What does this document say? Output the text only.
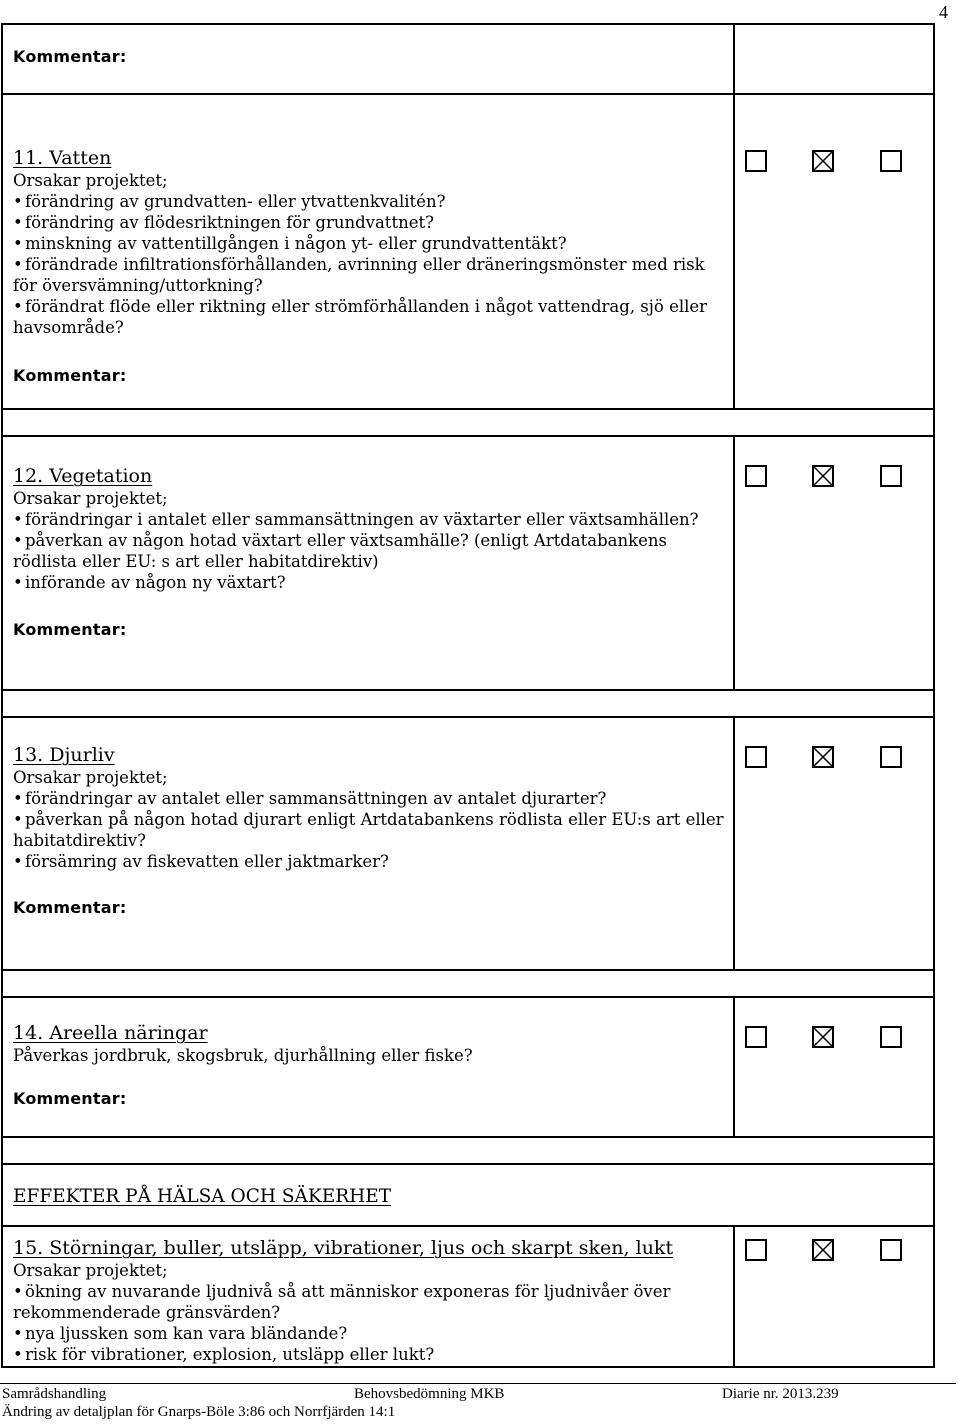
4
Kommentar:
11. Vatten
Orsakar projektet;
• förändring av grundvatten- eller ytvattenkvalitén?
• förändring av flödesriktningen för grundvattnet?
• minskning av vattentillgången i någon yt- eller grundvattentäkt?
• förändrade infiltrationsförhållanden, avrinning eller dräneringsmönster med risk för översvämning/uttorkning?
• förändrat flöde eller riktning eller strömförhållanden i något vattendrag, sjö eller havsområde?
Kommentar:
12. Vegetation
Orsakar projektet;
• förändringar i antalet eller sammansättningen av växtarter eller växtsamhällen?
• påverkan av någon hotad växtart eller växtsamhälle? (enligt Artdatabankens rödlista eller EU: s art eller habitatdirektiv)
• införande av någon ny växtart?
Kommentar:
13. Djurliv
Orsakar projektet;
• förändringar av antalet eller sammansättningen av antalet djurarter?
• påverkan på någon hotad djurart enligt Artdatabankens rödlista eller EU:s art eller habitatdirektiv?
• försämring av fiskevatten eller jaktmarker?
Kommentar:
14. Areella näringar
Påverkas jordbruk, skogsbruk, djurhållning eller fiske?
Kommentar:
EFFEKTER PÅ HÄLSA OCH SÄKERHET
15. Störningar, buller, utsläpp, vibrationer, ljus och skarpt sken, lukt
Orsakar projektet;
• ökning av nuvarande ljudnivå så att människor exponeras för ljudnivåer över rekommenderade gränsvärden?
• nya ljussken som kan vara bländande?
• risk för vibrationer, explosion, utsläpp eller lukt?
Samrådshandling	Behovsbedömning MKB	Diarie nr. 2013.239
Ändring av detaljplan för Gnarps-Böle 3:86 och Norrfjärden 14:1
